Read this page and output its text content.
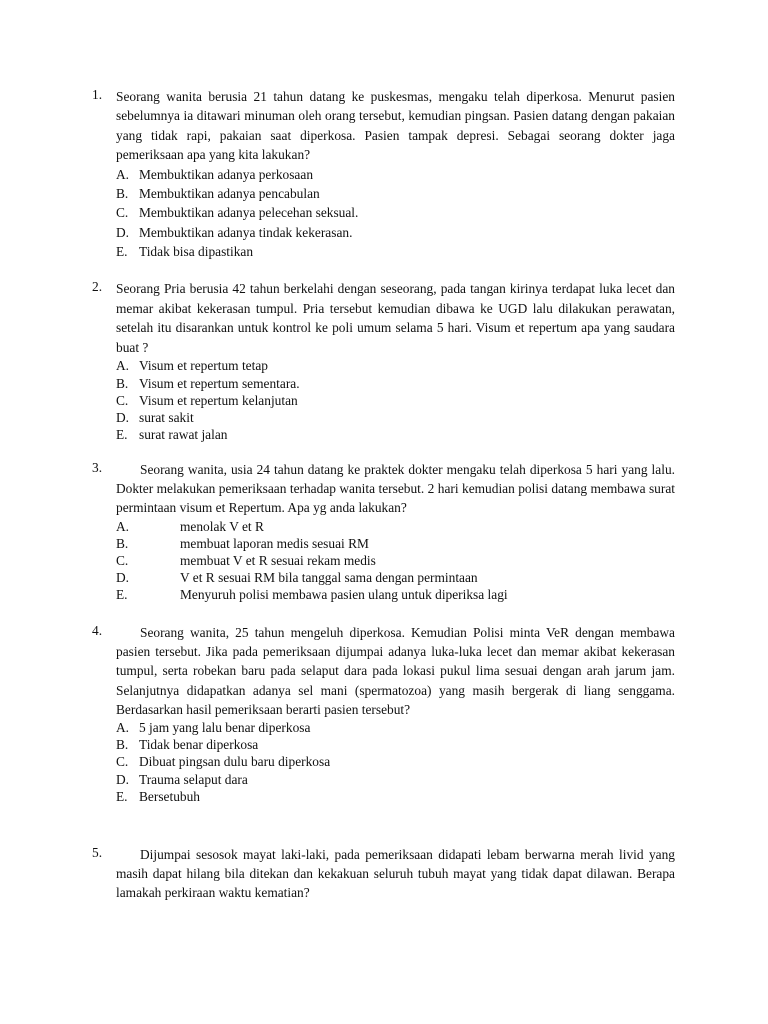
1. Seorang wanita berusia 21 tahun datang ke puskesmas, mengaku telah diperkosa. Menurut pasien sebelumnya ia ditawari minuman oleh orang tersebut, kemudian pingsan. Pasien datang dengan pakaian yang tidak rapi, pakaian saat diperkosa. Pasien tampak depresi. Sebagai seorang dokter jaga pemeriksaan apa yang kita lakukan?
A. Membuktikan adanya perkosaan
B. Membuktikan adanya pencabulan
C. Membuktikan adanya pelecehan seksual.
D. Membuktikan adanya tindak kekerasan.
E. Tidak bisa dipastikan
2. Seorang Pria berusia 42 tahun berkelahi dengan seseorang, pada tangan kirinya terdapat luka lecet dan memar akibat kekerasan tumpul. Pria tersebut kemudian dibawa ke UGD lalu dilakukan perawatan, setelah itu disarankan untuk kontrol ke poli umum selama 5 hari. Visum et repertum apa yang saudara buat ?
A. Visum et repertum tetap
B. Visum et repertum sementara.
C. Visum et repertum kelanjutan
D. surat sakit
E. surat rawat jalan
3.	Seorang wanita, usia 24 tahun datang ke praktek dokter mengaku telah diperkosa 5 hari yang lalu. Dokter melakukan pemeriksaan terhadap wanita tersebut. 2 hari kemudian polisi datang membawa surat permintaan visum et Repertum. Apa yg anda lakukan?
A.	menolak V et R
B.	membuat laporan medis sesuai RM
C.	membuat V et R sesuai rekam medis
D.	V et R sesuai RM bila tanggal sama dengan permintaan
E.	Menyuruh polisi membawa pasien ulang untuk diperiksa lagi
4.	Seorang wanita, 25 tahun mengeluh diperkosa. Kemudian Polisi minta VeR dengan membawa pasien tersebut. Jika pada pemeriksaan dijumpai adanya luka-luka lecet dan memar akibat kekerasan tumpul, serta robekan baru pada selaput dara pada lokasi pukul lima sesuai dengan arah jarum jam. Selanjutnya didapatkan adanya sel mani (spermatozoa) yang masih bergerak di liang senggama. Berdasarkan hasil pemeriksaan berarti pasien tersebut?
A. 5 jam yang lalu benar diperkosa
B. Tidak benar diperkosa
C. Dibuat pingsan dulu baru diperkosa
D. Trauma selaput dara
E. Bersetubuh
5.	Dijumpai sesosok mayat laki-laki, pada pemeriksaan didapati lebam berwarna merah livid yang masih dapat hilang bila ditekan dan kekakuan seluruh tubuh mayat yang tidak dapat dilawan. Berapa lamakah perkiraan waktu kematian?
